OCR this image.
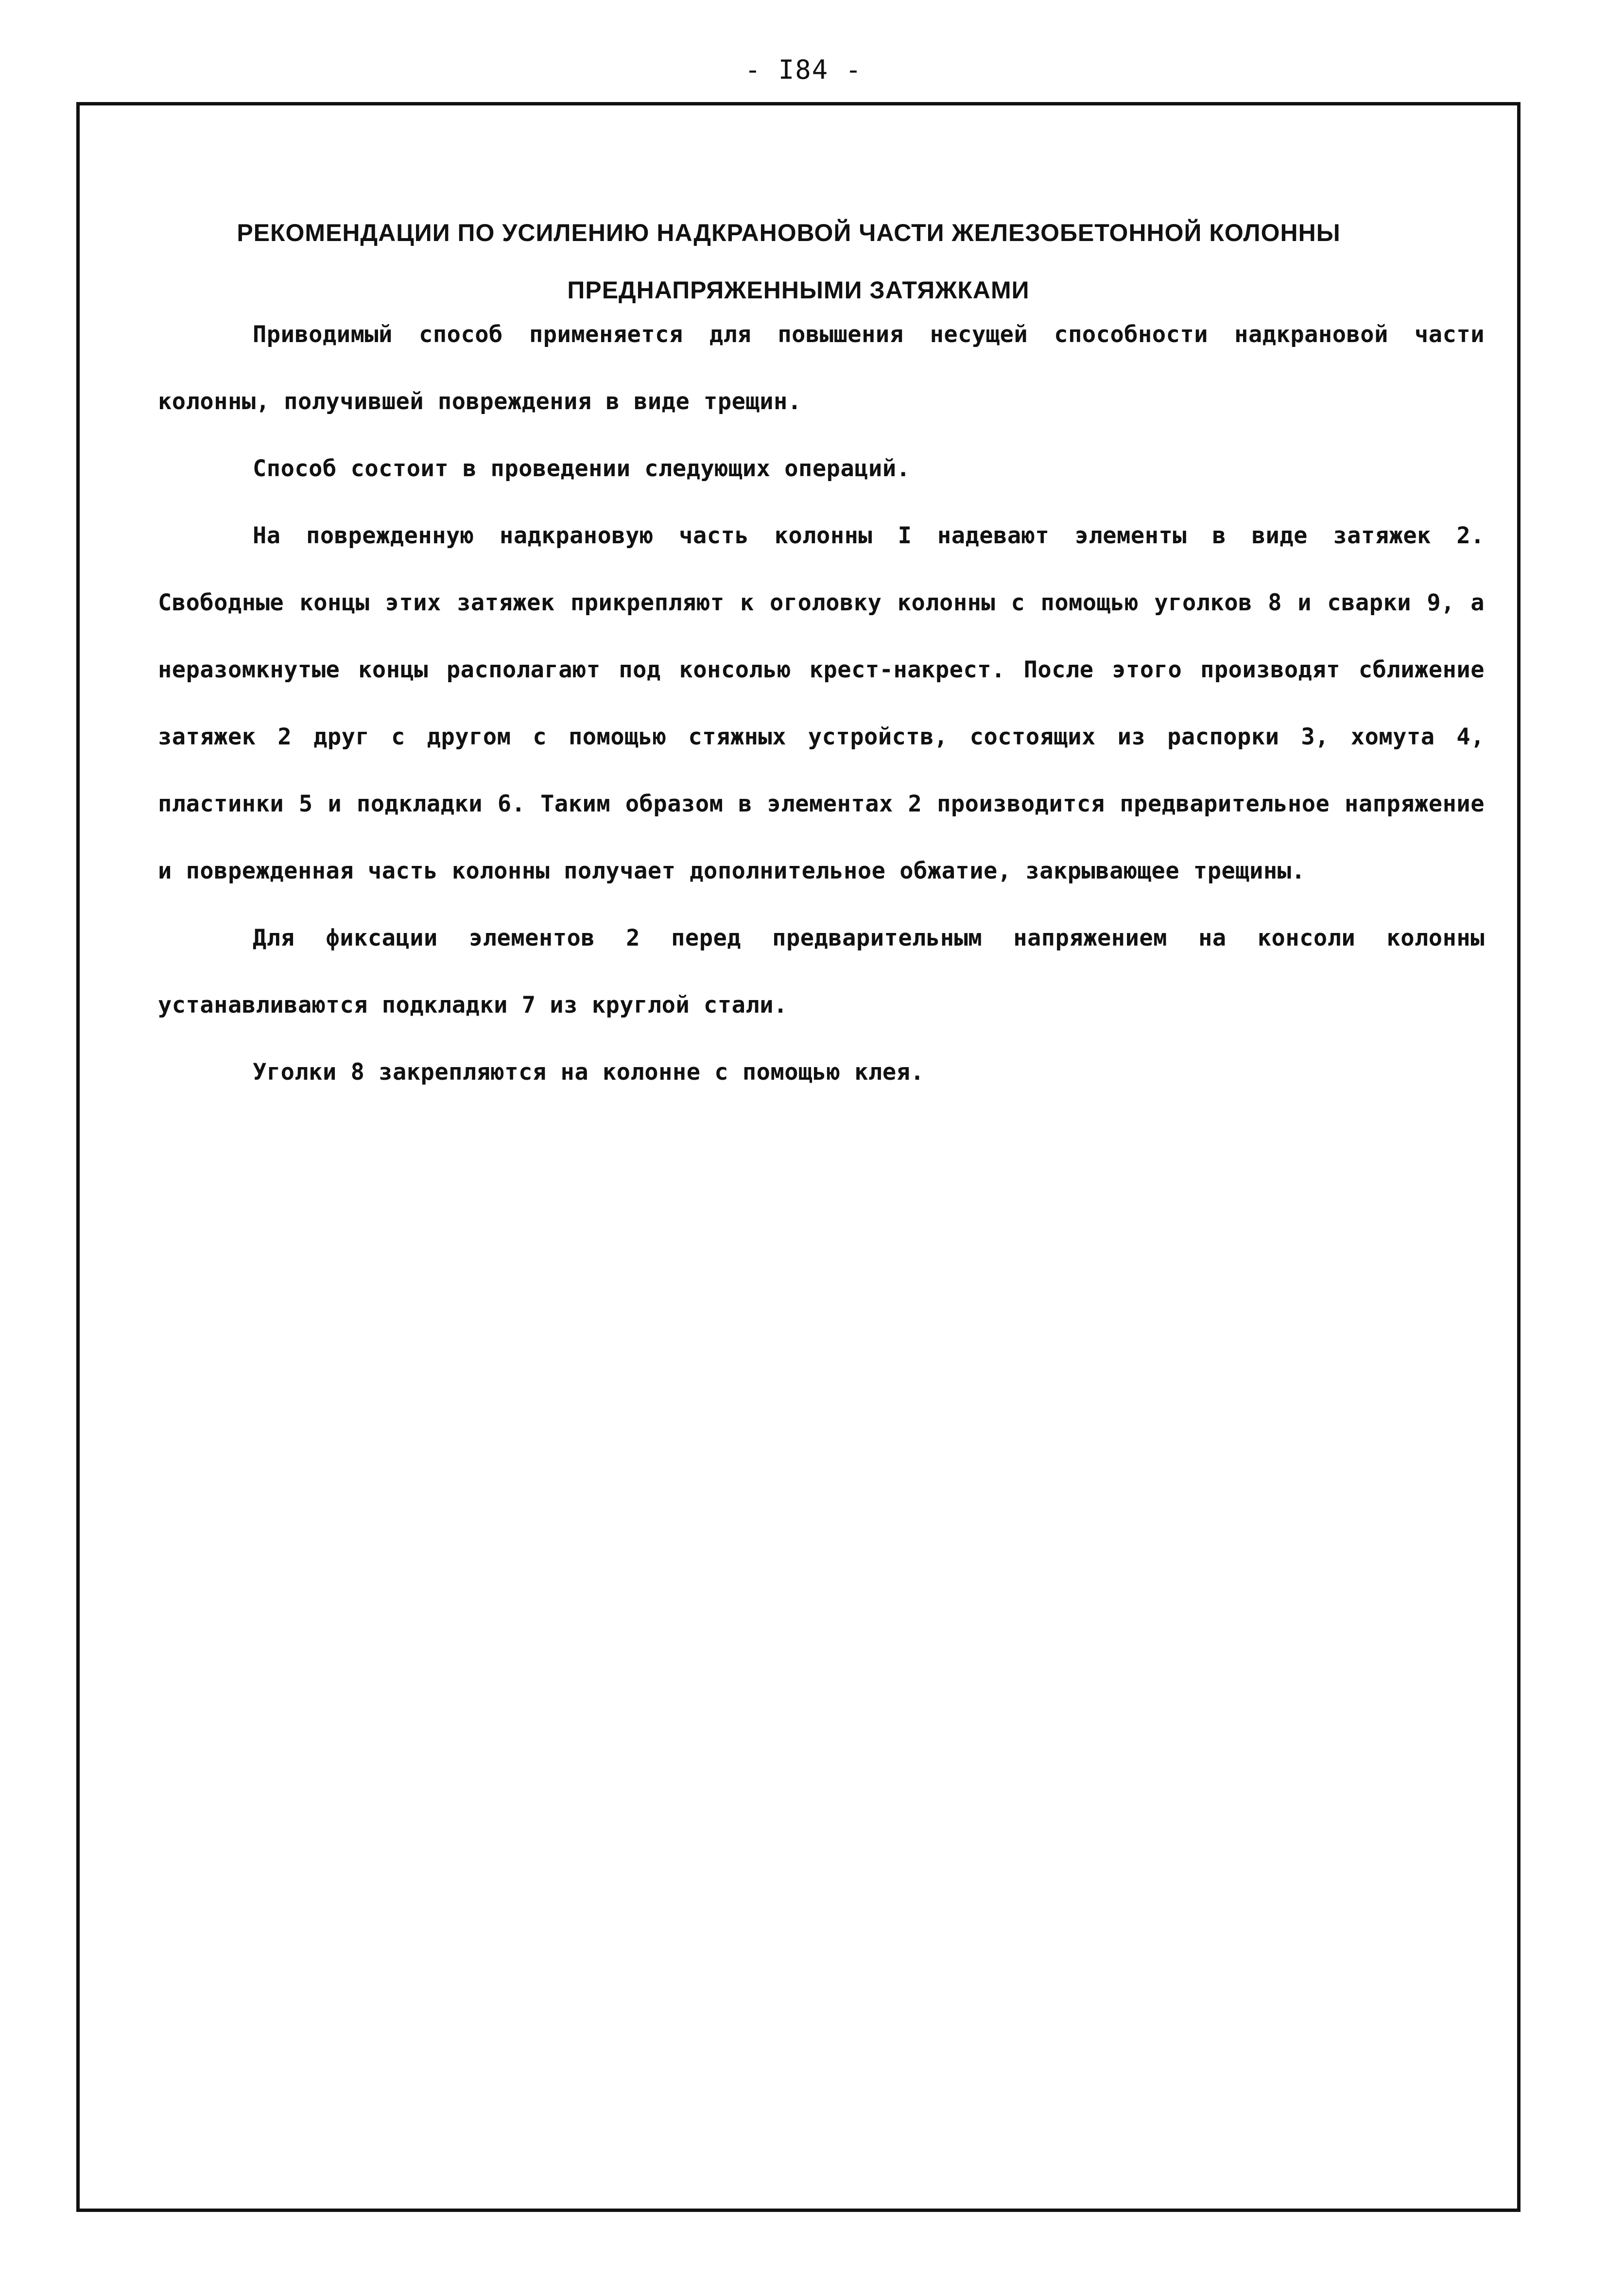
- I84 -
РЕКОМЕНДАЦИИ ПО УСИЛЕНИЮ НАДКРАНОВОЙ ЧАСТИ ЖЕЛЕЗОБЕТОННОЙ КОЛОННЫ
ПРЕДНАПРЯЖЕННЫМИ ЗАТЯЖКАМИ

Приводимый способ применяется для повышения несущей способности надкрановой части колонны, получившей повреждения в виде трещин.

Способ состоит в проведении следующих операций.

На поврежденную надкрановую часть колонны I надевают элементы в виде затяжек 2. Свободные концы этих затяжек прикрепляют к оголовку колонны с помощью уголков 8 и сварки 9, а неразомкнутые концы располагают под консолью крест-накрест. После этого производят сближение затяжек 2 друг с другом с помощью стяжных устройств, состоящих из распорки 3, хомута 4, пластинки 5 и подкладки 6. Таким образом в элементах 2 производится предварительное напряжение и поврежденная часть колонны получает дополнительное обжатие, закрывающее трещины.

Для фиксации элементов 2 перед предварительным напряжением на консоли колонны устанавливаются подкладки 7 из круглой стали.

Уголки 8 закрепляются на колонне с помощью клея.
